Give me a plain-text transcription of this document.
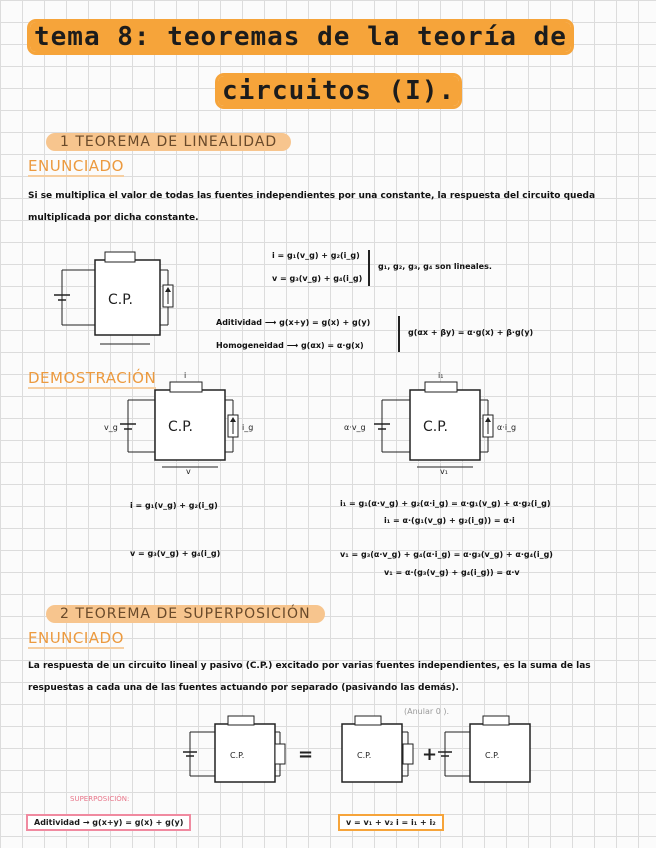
tema 8: teoremas de la teoría de
circuitos (I).
1 TEOREMA DE LINEALIDAD
ENUNCIADO
Si se multiplica el valor de todas las fuentes independientes por una constante, la respuesta del circuito queda multiplicada por dicha constante.
C.P.
i = g₁(v_g) + g₂(i_g)
v = g₃(v_g) + g₄(i_g)
g₁, g₂, g₃, g₄ son lineales.
Aditividad ⟶ g(x+y) = g(x) + g(y)
Homogeneidad ⟶ g(αx) = α·g(x)
g(αx + βy) = α·g(x) + β·g(y)
DEMOSTRACIÓN
C.P.
v_g	i_g
i
v
C.P.
α·v_g	α·i_g
i₁
v₁
i = g₁(v_g) + g₂(i_g)
v = g₃(v_g) + g₄(i_g)
i₁ = g₁(α·v_g) + g₂(α·i_g) = α·g₁(v_g) + α·g₂(i_g)
i₁ = α·(g₁(v_g) + g₂(i_g)) = α·i
v₁ = g₃(α·v_g) + g₄(α·i_g) = α·g₃(v_g) + α·g₄(i_g)
v₁ = α·(g₃(v_g) + g₄(i_g)) = α·v
2 TEOREMA DE SUPERPOSICIÓN
ENUNCIADO
La respuesta de un circuito lineal y pasivo (C.P.) excitado por varias fuentes independientes, es la suma de las respuestas a cada una de las fuentes actuando por separado (pasivando las demás).
(Anular 0 ).
C.P.	=	C.P.	+	C.P.
SUPERPOSICIÓN:
Aditividad → g(x+y) = g(x) + g(y)	v = v₁ + v₂ i = i₁ + i₂
